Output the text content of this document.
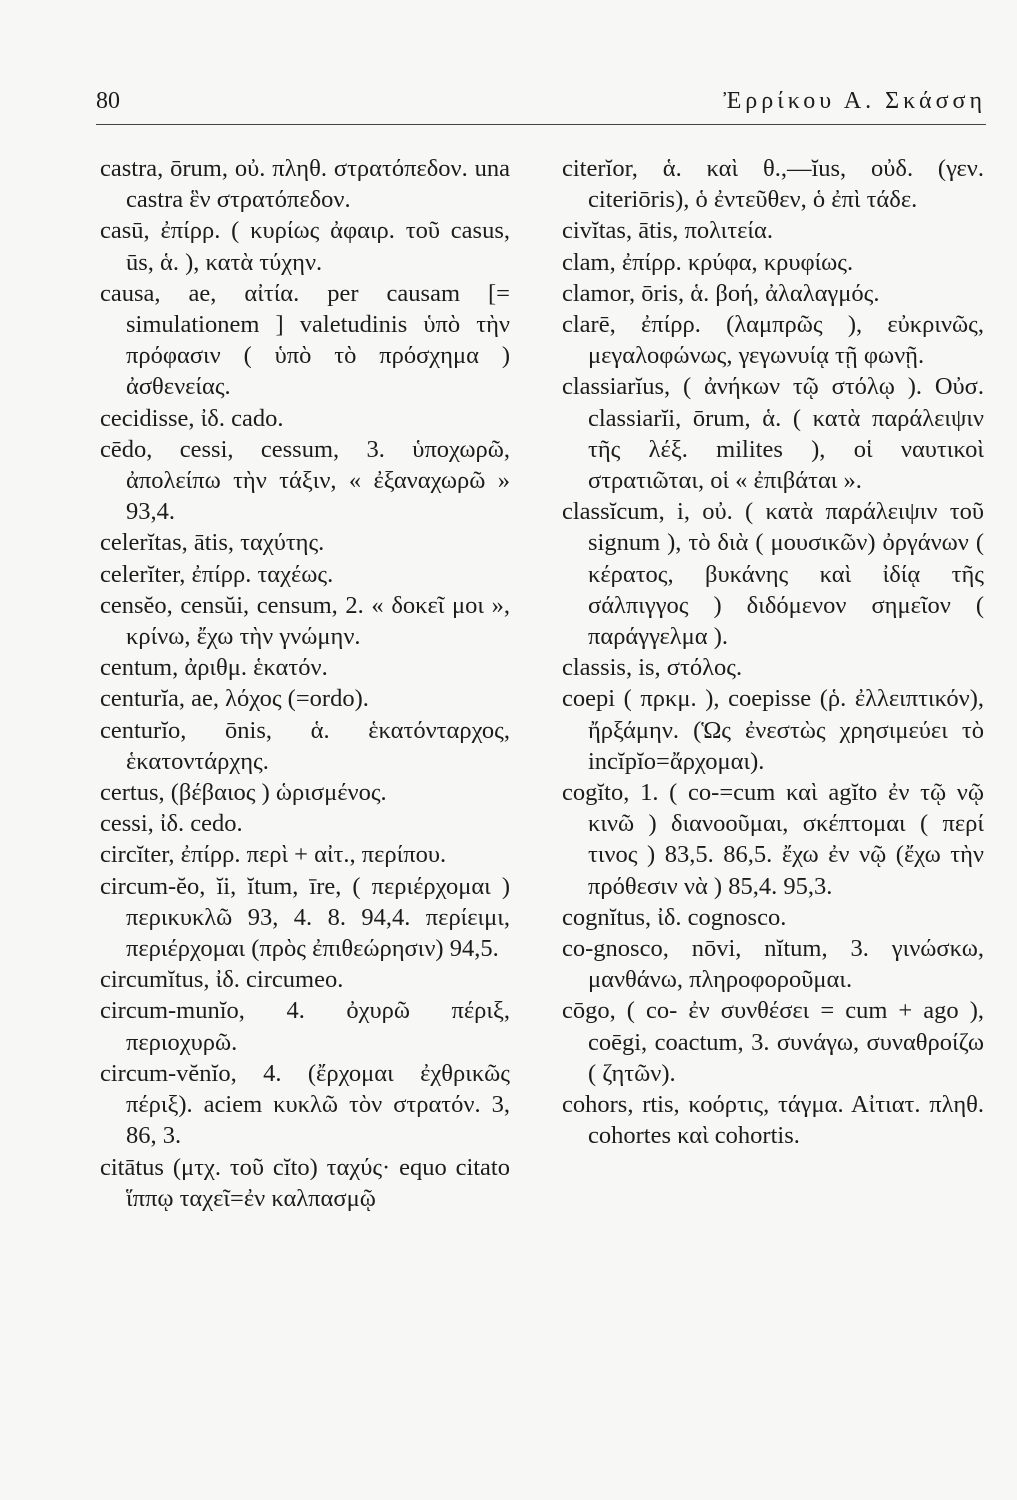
80	Ἐρρίκου Α. Σκάσση
castra, ōrum, οὐ. πληθ. στρατόπεδον. una castra ἓν στρατόπεδον.
casū, ἐπίρρ. ( κυρίως ἀφαιρ. τοῦ casus, ūs, ἁ. ), κατὰ τύχην.
causa, ae, αἰτία. per causam [= simulationem ] valetudinis ὑπὸ τὴν πρόφασιν ( ὑπὸ τὸ πρόσχημα ) ἀσθενείας.
cecidisse, ἰδ. cado.
cēdo, cessi, cessum, 3. ὑποχωρῶ, ἀπολείπω τὴν τάξιν, « ἐξαναχωρῶ » 93,4.
celerĭtas, ātis, ταχύτης.
celerĭter, ἐπίρρ. ταχέως.
censĕo, censŭi, censum, 2. « δοκεῖ μοι », κρίνω, ἔχω τὴν γνώμην.
centum, ἀριθμ. ἑκατόν.
centurĭa, ae, λόχος (=ordo).
centurĭo, ōnis, ἁ. ἑκατόνταρχος, ἑκατοντάρχης.
certus, (βέβαιος ) ὡρισμένος.
cessi, ἰδ. cedo.
circĭter, ἐπίρρ. περὶ + αἰτ., περίπου.
circum-ĕo, ĭi, ĭtum, īre, ( περιέρχομαι ) περικυκλῶ 93, 4. 8. 94,4. περίειμι, περιέρχομαι (πρὸς ἐπιθεώρησιν) 94,5.
circumĭtus, ἰδ. circumeo.
circum-munĭo, 4. ὀχυρῶ πέριξ, περιοχυρῶ.
circum-vĕnĭo, 4. (ἔρχομαι ἐχθρικῶς πέριξ). aciem κυκλῶ τὸν στρατόν. 3, 86, 3.
citātus (μτχ. τοῦ cĭto) ταχύς· equo citato ἵππῳ ταχεῖ=ἐν καλπασμῷ
citerĭor, ἁ. καὶ θ.,—ĭus, οὐδ. (γεν. citeriōris), ὁ ἐντεῦθεν, ὁ ἐπὶ τάδε.
civĭtas, ātis, πολιτεία.
clam, ἐπίρρ. κρύφα, κρυφίως.
clamor, ōris, ἁ. βοή, ἀλαλαγμός.
clarē, ἐπίρρ. (λαμπρῶς ), εὐκρινῶς, μεγαλοφώνως, γεγωνυίᾳ τῇ φωνῇ.
classiarĭus, ( ἀνήκων τῷ στόλῳ ). Οὐσ. classiarĭi, ōrum, ἁ. ( κατὰ παράλειψιν τῆς λέξ. milites ), οἱ ναυτικοὶ στρατιῶται, οἱ « ἐπιβάται ».
classĭcum, i, οὐ. ( κατὰ παράλειψιν τοῦ signum ), τὸ διὰ ( μουσικῶν) ὀργάνων ( κέρατος, βυκάνης καὶ ἰδίᾳ τῆς σάλπιγγος ) διδόμενον σημεῖον ( παράγγελμα ).
classis, is, στόλος.
coepi ( πρκμ. ), coepisse (ῥ. ἐλλειπτικόν), ἤρξάμην. (Ὡς ἐνεστὼς χρησιμεύει τὸ incĭpĭo=ἄρχομαι).
cogĭto, 1. ( co-=cum καὶ agĭto ἐν τῷ νῷ κινῶ ) διανοοῦμαι, σκέπτομαι ( περί τινος ) 83,5. 86,5. ἔχω ἐν νῷ (ἔχω τὴν πρόθεσιν νὰ ) 85,4. 95,3.
cognĭtus, ἰδ. cognosco.
co-gnosco, nōvi, nĭtum, 3. γινώσκω, μανθάνω, πληροφοροῦμαι.
cōgo, ( co- ἐν συνθέσει = cum + ago ), coēgi, coactum, 3. συνάγω, συναθροίζω ( ζητῶν).
cohors, rtis, κοόρτις, τάγμα. Αἰτιατ. πληθ. cohortes καὶ cohortis.
